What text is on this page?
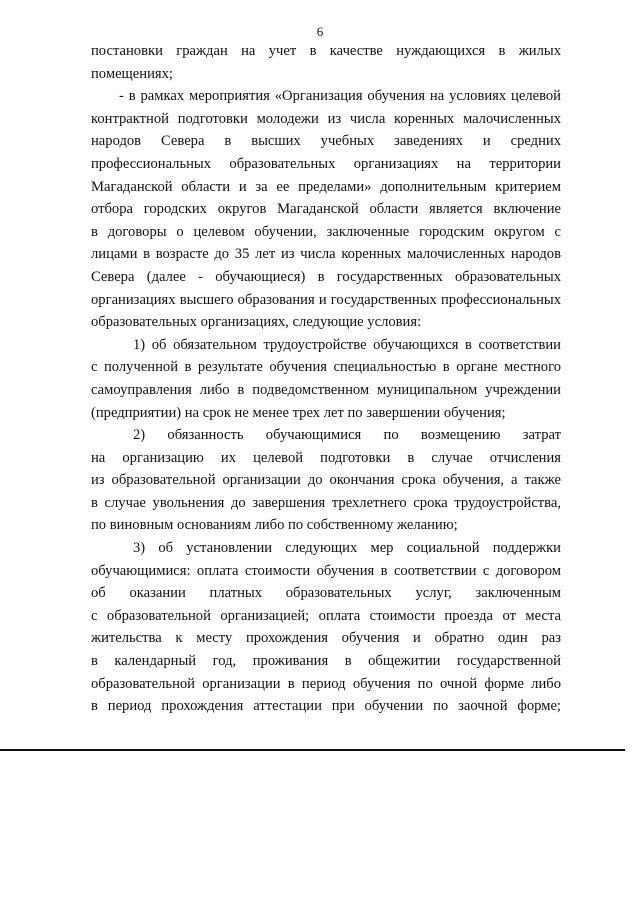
6
постановки граждан на учет в качестве нуждающихся в жилых
помещениях;
- в рамках мероприятия «Организация обучения на условиях целевой
контрактной подготовки молодежи из числа коренных малочисленных
народов Севера в высших учебных заведениях и средних
профессиональных образовательных организациях на территории
Магаданской области и за ее пределами» дополнительным критерием
отбора городских округов Магаданской области является включение
в договоры о целевом обучении, заключенные городским округом с
лицами в возрасте до 35 лет из числа коренных малочисленных народов
Севера (далее - обучающиеся) в государственных образовательных
организациях высшего образования и государственных профессиональных
образовательных организациях, следующие условия:
1) об обязательном трудоустройстве обучающихся в соответствии
с полученной в результате обучения специальностью в органе местного
самоуправления либо в подведомственном муниципальном учреждении
(предприятии) на срок не менее трех лет по завершении обучения;
2) обязанность обучающимися по возмещению затрат
на организацию их целевой подготовки в случае отчисления
из образовательной организации до окончания срока обучения, а также
в случае увольнения до завершения трехлетнего срока трудоустройства,
по виновным основаниям либо по собственному желанию;
3) об установлении следующих мер социальной поддержки
обучающимися: оплата стоимости обучения в соответствии с договором
об оказании платных образовательных услуг, заключенным
с образовательной организацией; оплата стоимости проезда от места
жительства к месту прохождения обучения и обратно один раз
в календарный год, проживания в общежитии государственной
образовательной организации в период обучения по очной форме либо
в период прохождения аттестации при обучении по заочной форме;
